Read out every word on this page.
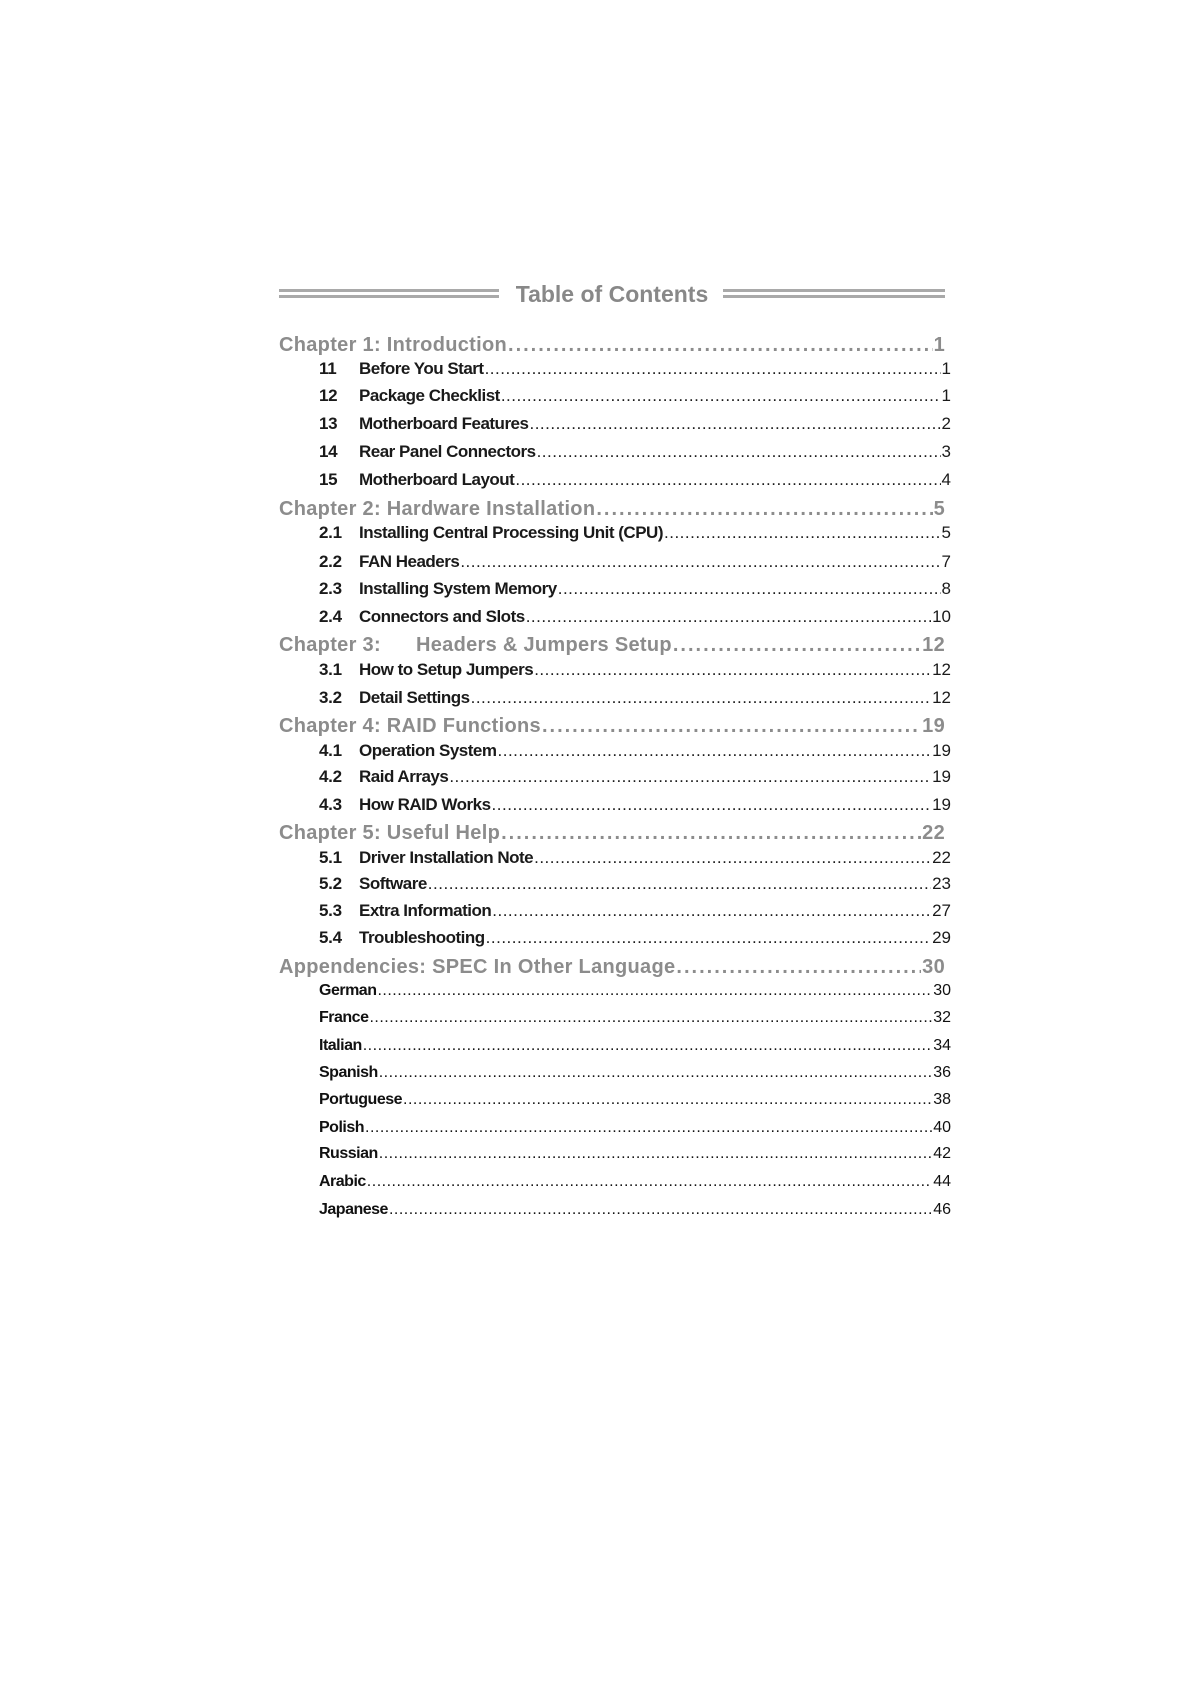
Table of Contents
Chapter 1: Introduction .....	1
11	Before You Start .....	1
12	Package Checklist .....	1
13	Motherboard Features .....	2
14	Rear Panel Connectors .....	3
15	Motherboard Layout .....	4
Chapter 2: Hardware Installation .....	5
2.1	Installing Central Processing Unit (CPU) .....	5
2.2	FAN Headers .....	7
2.3	Installing System Memory .....	8
2.4	Connectors and Slots .....	10
Chapter 3:	Headers & Jumpers Setup .....	12
3.1	How to Setup Jumpers .....	12
3.2	Detail Settings .....	12
Chapter 4: RAID Functions .....	19
4.1	Operation System .....	19
4.2	Raid Arrays .....	19
4.3	How RAID Works .....	19
Chapter 5: Useful Help .....	22
5.1	Driver Installation Note .....	22
5.2	Software .....	23
5.3	Extra Information .....	27
5.4	Troubleshooting .....	29
Appendencies: SPEC In Other Language .....	30
German .....	30
France .....	32
Italian .....	34
Spanish .....	36
Portuguese .....	38
Polish .....	40
Russian .....	42
Arabic .....	44
Japanese .....	46
